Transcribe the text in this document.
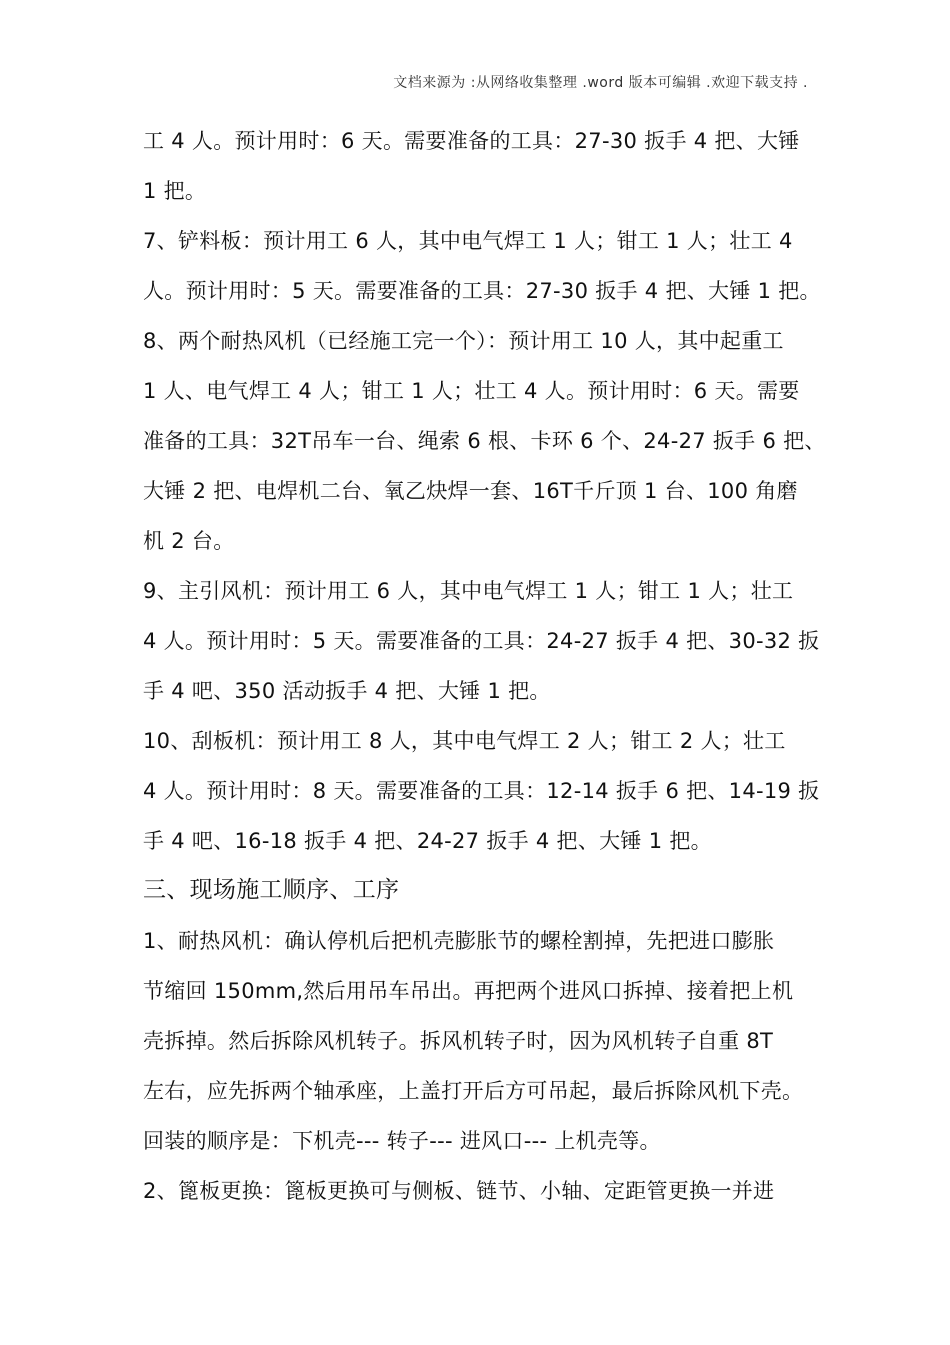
文档来源为 :从网络收集整理 .word 版本可编辑 .欢迎下载支持 .
工 4 人。预计用时：6 天。需要准备的工具：27-30 扳手 4 把、大锤
1 把。
7、铲料板：预计用工 6 人，其中电气焊工 1 人；钳工 1 人；壮工 4
人。预计用时：5 天。需要准备的工具：27-30 扳手 4 把、大锤 1 把。
8、两个耐热风机（已经施工完一个）：预计用工 10 人，其中起重工
1 人、电气焊工 4 人；钳工 1 人；壮工 4 人。预计用时：6 天。需要
准备的工具：32T吊车一台、绳索 6 根、卡环 6 个、24-27 扳手 6 把、
大锤 2 把、电焊机二台、氧乙炔焊一套、16T千斤顶 1 台、100 角磨
机 2 台。
9、主引风机：预计用工 6 人，其中电气焊工 1 人；钳工 1 人；壮工
4 人。预计用时：5 天。需要准备的工具：24-27 扳手 4 把、30-32 扳
手 4 吧、350 活动扳手 4 把、大锤 1 把。
10、刮板机：预计用工 8 人，其中电气焊工 2 人；钳工 2 人；壮工
4 人。预计用时：8 天。需要准备的工具：12-14 扳手 6 把、14-19 扳
手 4 吧、16-18 扳手 4 把、24-27 扳手 4 把、大锤 1 把。
三、现场施工顺序、工序
1、耐热风机：确认停机后把机壳膨胀节的螺栓割掉，先把进口膨胀
节缩回 150mm,然后用吊车吊出。再把两个进风口拆掉、接着把上机
壳拆掉。然后拆除风机转子。拆风机转子时，因为风机转子自重 8T
左右，应先拆两个轴承座，上盖打开后方可吊起，最后拆除风机下壳。
回装的顺序是：下机壳--- 转子--- 进风口--- 上机壳等。
2、篦板更换：篦板更换可与侧板、链节、小轴、定距管更换一并进
